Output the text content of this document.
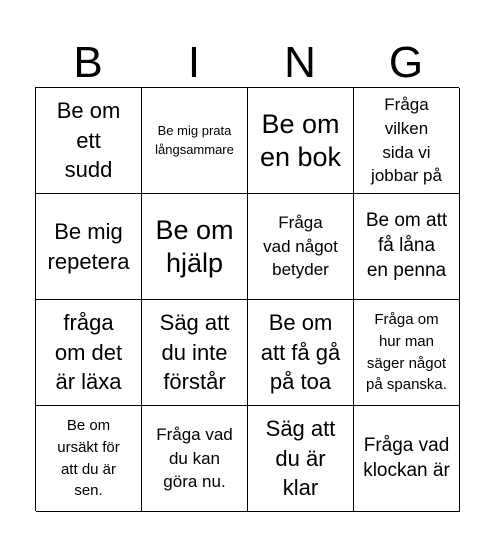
B	I	N	G
Be om
ett
sudd
Be mig prata
långsammare
Be om
en bok
Fråga
vilken
sida vi
jobbar på
Be mig
repetera
Be om
hjälp
Fråga
vad något
betyder
Be om att
få låna
en penna
fråga
om det
är läxa
Säg att
du inte
förstår
Be om
att få gå
på toa
Fråga om
hur man
säger något
på spanska.
Be om
ursäkt för
att du är
sen.
Fråga vad
du kan
göra nu.
Säg att
du är
klar
Fråga vad
klockan är
